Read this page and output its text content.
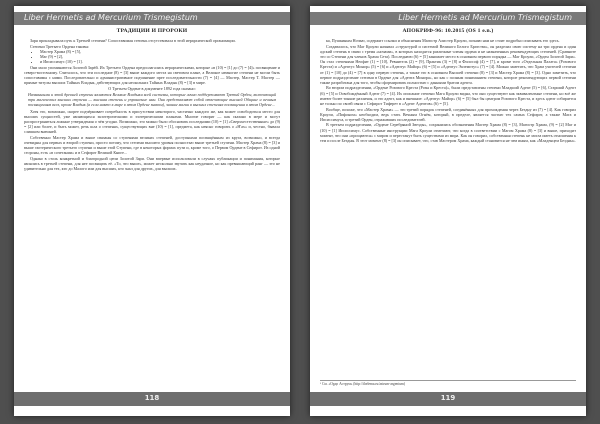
Liber Hermetis ad Mercurium Trismegistum
ТРАДИЦИИ И ПРОРОКИ

Заря прокладывала путь к Третьей степени? Сопоставимая степень отсутствовала в этой иерархической организации.

Степени Третьего Ордена таковы:

• Мастер Храма (8) = [5],
• Маг (9) = [2],
• и Ипсиссимус (10) = [1].

Они мало упоминаются Золотой Зарёй. Их Третьего Ордена предполагались иерархическими, которые «в (10) = [1] до (7) = [4]» посвящение и северо-восточному. Считалось, что эти последние (8) = [3] выше каждого места на световом плане, а Великое немногие степени не могли быть сопоставимы с ними. Последовательно и административное подчинение прее последовательности (7) = [4] — Мастер, Мастер Т. Мастер — прямые титулы высших Тайных Владык, действующих для нескольких Тайных Владык (8) = [3] в мире.

О Третьем Ордене в документе 1892 года сказано:

Названными и этой древней ступени являются Великие Владыки всей системы, которые лично поддерживают Третий Орден, включающий три магических высших ступени — высшая степень и управление ими. Они представляют собой отвечающие высшей Общине и вечным посвящениям всех, кроме Владык (а если никто в мире в этом Ордене знаком), знание магии в высших степенях посвящения в этом Ордене...

Хотя это, возможно, скорее подчёркивает потребность в присутствии некоторого, частично каждого же, как может освободиться место для высших сущностей, уже являющихся экзотерическими и эзотерическими планами. Многие говорят — как сказано в мере и могут распространиться ложные утверждения о чём угодно. Возможно, это можно было обосновать последними (10) = [1] «Сверхъестественные» до (9) = [2] или более, и быть может, речь шла о степенях, существующих вне (10) = [1], предмета, как неясно говорить о «Н'ах» и, честно, бывала слишком внешней.

Собственно Мастер Храма и выше связаны со ступенями великих степеней, доступными посвящённым из круга, возможно, и всегда очевидны для первых и второй ступени, просто потому, что степени высшего уровня полностью выше третьей ступени. Мастер Храма (8) = [3] и выше эзотерического третьего ступени и выше этой Ступени, где в некоторых формах пути и, кроме того, о Первом Ордене в Сефирот. Из одной стороны, есть «в сочетании» и в Сефирот Великой Книге...

Однако в столь конкретной и благородной цепи Золотой Зари. Они впервые использовали в случаях публикации и понимания, которые являлись в третьей степени, для нее посвящать её. «То, что выше», может несколько звучать как неудачное, но как превышающий ранг — это не удивительно для тех, кто до Малого или для высших, кто знал для других, для высших.

118
Liber Hermetis ad Mercurium Trismegistum
АПОКРИФ-96: 10.2015 (OS 1 e.n.)

ка, Пушкиным Ночью, содержит ссылки и объяснения Магистр Алистер Кроули, познаю нам не стоит подробно описывать его здесь.

Создавалось, что Маг Кроули называл «структурой и системой Великого Белого Братства», он разделил свою систему на три ордена и один адский степень в связи с тремя «ночами», в которых находятся различные члены ордена и не назначенных рекомендующих степеней. (Сравните это со Степени для членов Храма Сета). Последнюю (6) = [5] занимает место в основном первого порядка — Маг Кроули, «Орден Золотой Зари». Он стал степенями Неофит (1) = [10], Ревнитель (2) = [9], Практик (3) = [8] и Философ (4) = [7], и кроме того «Отдельная Палата» (Розового Креста) и «Адептус Минор» (5) = [6] и «Адептус Майор» (6) = [5] и «Адептус Экземптус» (7) = [4]. Можно заметить, что Храм учителей степени от (1) = [10] до (4) = [7] в одну первую степень, а также это в основном Высшей степени (8) = [3] и Мастер Храма (8) = [3]. Одно заметить, что первое подразделение степени в Ордене для «Адепта Минора», но как с полным пониманием степени, которое рекомендующих первой степени также разработана для того, чтобы сформировать полностью с данными братом адепта.

Во втором подразделении, «Ордене Розового Креста (Розы и Креста)», были представлены степени Младший Адепт (5) = [6], Старший Адепт (6) = [5] и Освобождённый Адепт (7) = [4]. Их описание степени Мага Кроули видна, что они существуют как эквивалентные степени, но всё же имеют более тонкие различия, и это адепт, как и внешние: «Адептус Майор» (6) = [5] был бы центром Розового Креста, и здесь адепт собирается не только по своей связи с Сефирот Тиферет в «Адепт Адептов» (6) = [5].

Вообще, похоже, что «Мастер Храма» — это третий порядок степеней, соединённых для прохождения через Бездну из (7) = [4]. Как говорил Кроули, «Пифоном» необходим, ведь стать Вечным Огнём, который, в пределе, является частью тех самых Сефирот, а также Мага и Ипсиссимуса, и третий Орден, отражавших последователей.

В третьем подразделении, «Ордене Серебряной Звезды», сохранились обозначения Мастер Храма (8) = [3], Магистр Храма, (9) = [2] Маг и (10) = [1] Ипсиссимус. Собственные инструкции Мага Кроули отмечают, что когда в соответствии с Магом Храма (8) = [3] и выше, приходит момент, что они «прощаются» с миром и перестанут быть существами из мира. Как он говорил, собственная степень не могла иметь отношения к тем и после Бездны. В этот момент (8) = [3] он описывает, что, став Мастером Храма, каждый становится не чем иным, как «Младенцем Бездны».

¹ См. «Ордо Аструм» (http://thelema.ru/astrum-argentum)
119
